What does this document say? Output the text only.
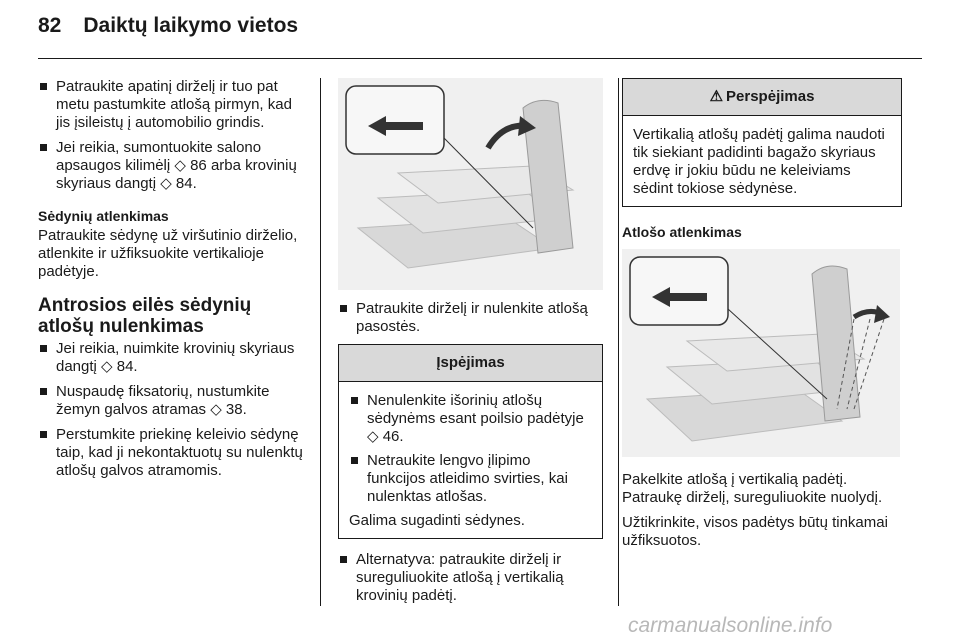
82 Daiktų laikymo vietos
Patraukite apatinį dirželį ir tuo pat metu pastumkite atlošą pirmyn, kad jis įsileistų į automobilio grindis.
Jei reikia, sumontuokite salono apsaugos kilimėlį ◇ 86 arba krovinių skyriaus dangtį ◇ 84.
Sėdynių atlenkimas

Patraukite sėdynę už viršutinio dirželio, atlenkite ir užfiksuokite vertikalioje padėtyje.

Antrosios eilės sėdynių atlošų nulenkimas
Jei reikia, nuimkite krovinių skyriaus dangtį ◇ 84.
Nuspaudę fiksatorių, nustumkite žemyn galvos atramas ◇ 38.
Perstumkite priekinę keleivio sėdynę taip, kad ji nekontaktuotų su nulenktų atlošų galvos atramomis.
Patraukite dirželį ir nulenkite atlošą pasostės.
Įspėjimas
Nenulenkite išorinių atlošų sėdynėms esant poilsio padėtyje ◇ 46.
Netraukite lengvo įlipimo funkcijos atleidimo svirties, kai nulenktas atlošas.

Galima sugadinti sėdynes.

Alternatyva: patraukite dirželį ir sureguliuokite atlošą į vertikalią krovinių padėtį.
⚠ Perspėjimas

Vertikalią atlošų padėtį galima naudoti tik siekiant padidinti bagažo skyriaus erdvę ir jokiu būdu ne keleiviams sėdint tokiose sėdynėse.

Atlošo atlenkimas

Pakelkite atlošą į vertikalią padėtį. Patraukę dirželį, sureguliuokite nuolydį.

Užtikrinkite, visos padėtys būtų tinkamai užfiksuotos.

carmanualsonline.info
